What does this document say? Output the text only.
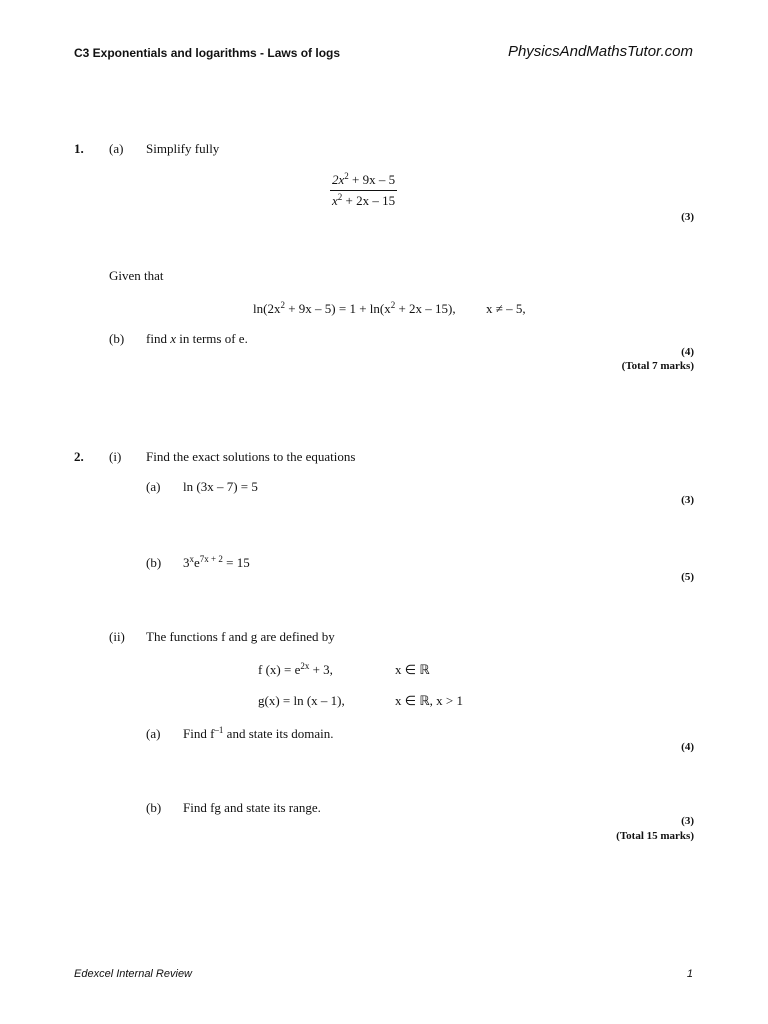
C3 Exponentials and logarithms - Laws of logs	PhysicsAndMathsTutor.com
1. (a) Simplify fully
$\frac{2x^2 + 9x - 5}{x^2 + 2x - 15}$
(3)
Given that
$\ln(2x^2 + 9x - 5) = 1 + \ln(x^2 + 2x - 15)$, x ≠ – 5,
(b) find x in terms of e.
(4)
(Total 7 marks)
2. (i) Find the exact solutions to the equations
(a) ln (3x – 7) = 5
(3)
(b) $3^xe^{7x + 2} = 15$
(5)
(ii) The functions f and g are defined by
f $(x) = e^{2x} + 3$,	x ∈ ℝ
g(x) = ln (x – 1),	x ∈ ℝ, x > 1
(a) Find $f^{-1}$ and state its domain.
(4)
(b) Find fg and state its range.
(3)
(Total 15 marks)
Edexcel Internal Review	1
